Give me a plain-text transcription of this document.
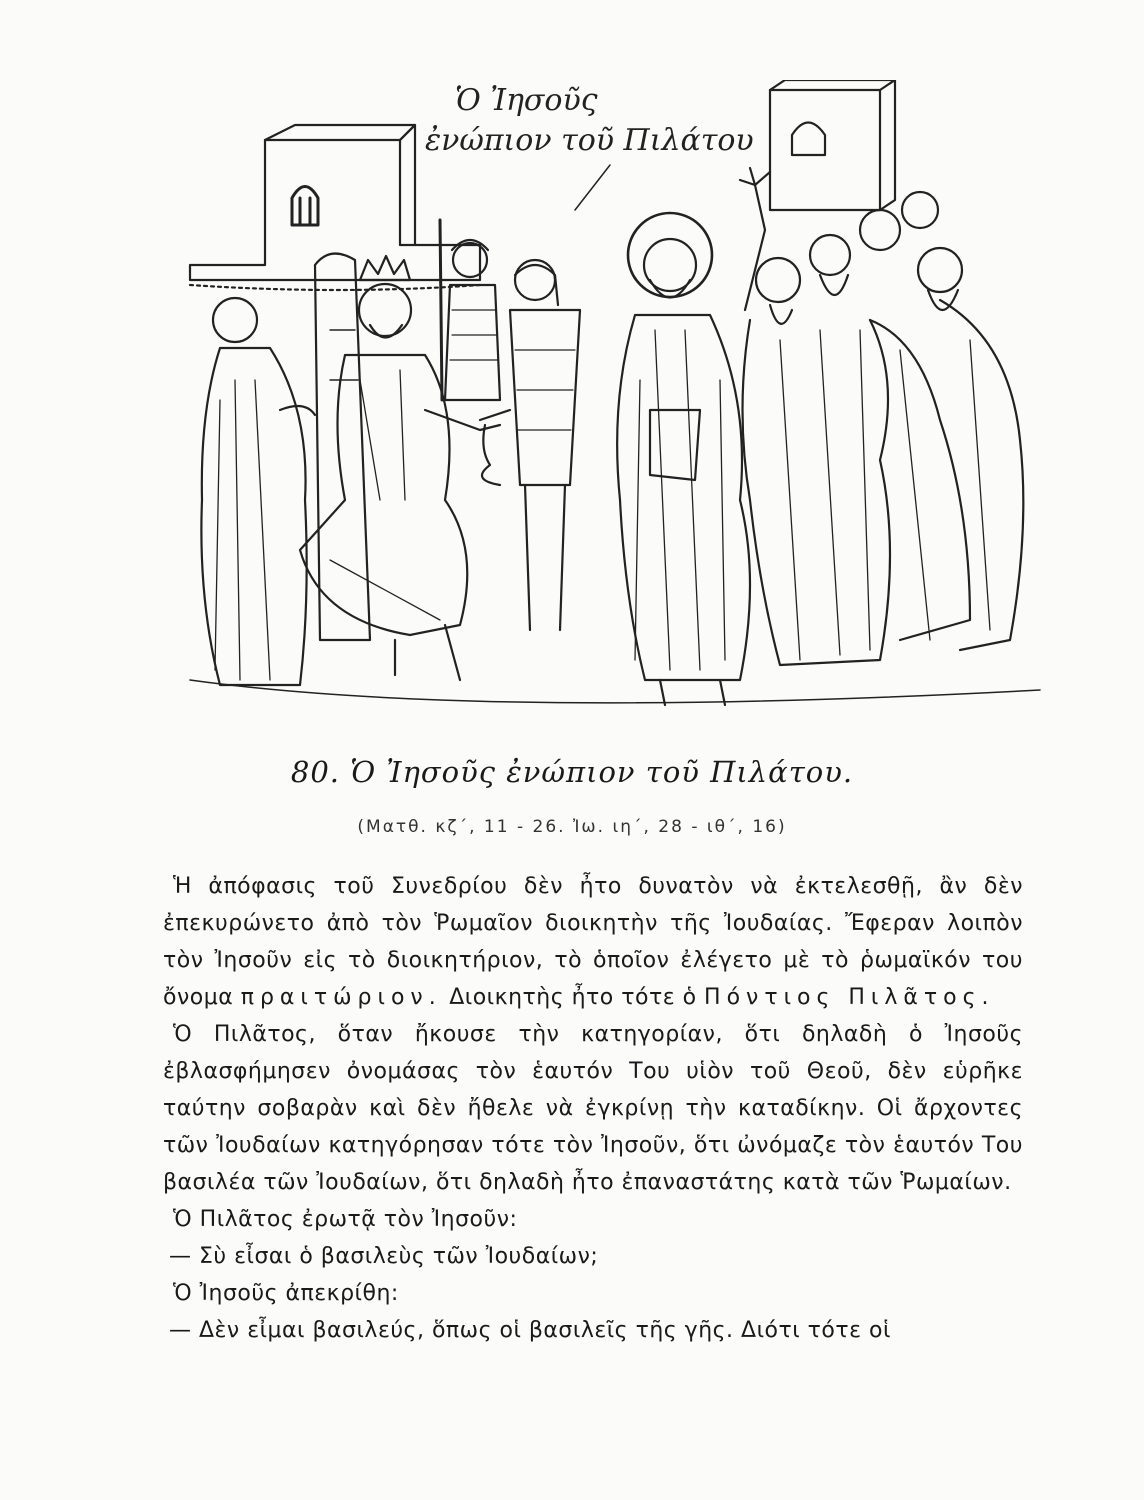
Ὁ Ἰησοῦς
ἐνώπιον τοῦ Πιλάτου
80. Ὁ Ἰησοῦς ἐνώπιον τοῦ Πιλάτου.
(Ματθ. κζ΄, 11 - 26. Ἰω. ιη΄, 28 - ιθ΄, 16)

Ἡ ἀπόφασις τοῦ Συνεδρίου δὲν ἦτο δυνατὸν νὰ ἐκτελεσθῇ, ἂν δὲν ἐπεκυρώνετο ἀπὸ τὸν Ῥωμαῖον διοικητὴν τῆς Ἰουδαίας. Ἔφεραν λοιπὸν τὸν Ἰησοῦν εἰς τὸ διοικητήριον, τὸ ὁποῖον ἐλέγετο μὲ τὸ ῥωμαϊκόν του ὄνομα πραιτώριον. Διοικητὴς ἦτο τότε ὁ Πόντιος Πιλᾶτος.

Ὁ Πιλᾶτος, ὅταν ἤκουσε τὴν κατηγορίαν, ὅτι δηλαδὴ ὁ Ἰησοῦς ἐβλασφήμησεν ὀνομάσας τὸν ἑαυτόν Του υἱὸν τοῦ Θεοῦ, δὲν εὑρῆκε ταύτην σοβαρὰν καὶ δὲν ἤθελε νὰ ἐγκρίνῃ τὴν καταδίκην. Οἱ ἄρχοντες τῶν Ἰουδαίων κατηγόρησαν τότε τὸν Ἰησοῦν, ὅτι ὠνόμαζε τὸν ἑαυτόν Του βασιλέα τῶν Ἰουδαίων, ὅτι δηλαδὴ ἦτο ἐπαναστάτης κατὰ τῶν Ῥωμαίων.

Ὁ Πιλᾶτος ἐρωτᾷ τὸν Ἰησοῦν:

— Σὺ εἶσαι ὁ βασιλεὺς τῶν Ἰουδαίων;

Ὁ Ἰησοῦς ἀπεκρίθη:

— Δὲν εἶμαι βασιλεύς, ὅπως οἱ βασιλεῖς τῆς γῆς. Διότι τότε οἱ
